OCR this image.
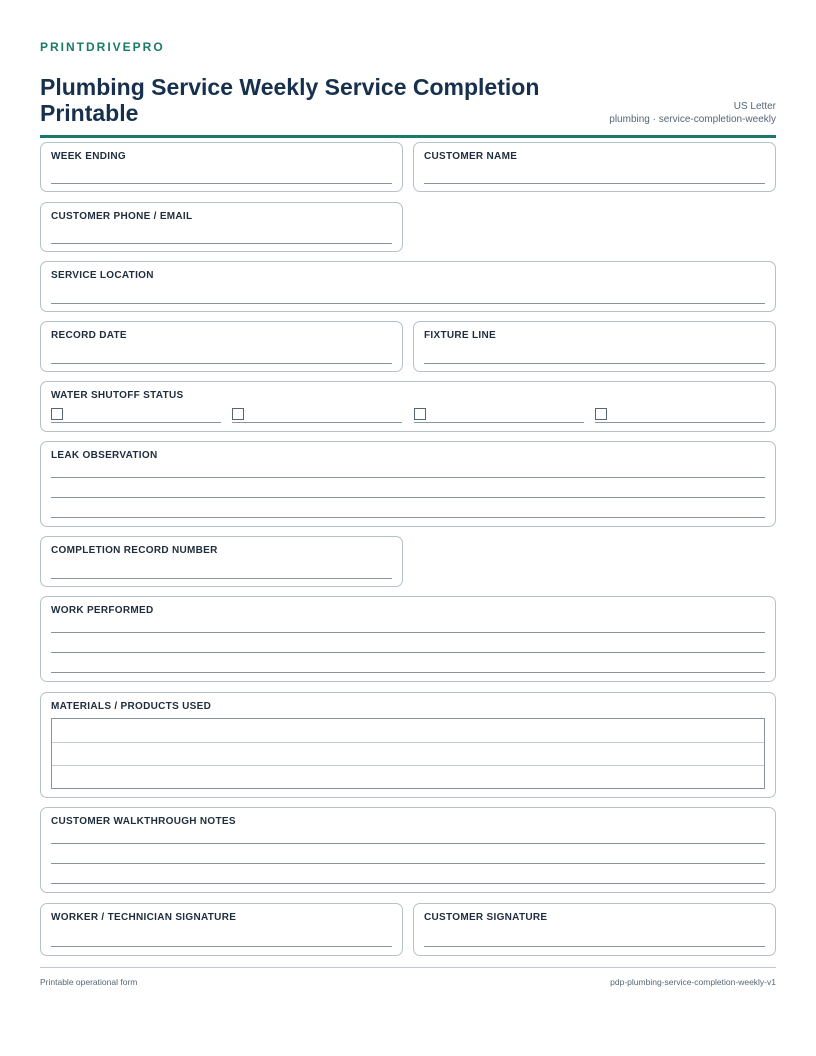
PRINTDRIVEPRO
Plumbing Service Weekly Service Completion Printable	US Letter
plumbing · service-completion-weekly
WEEK ENDING	CUSTOMER NAME
CUSTOMER PHONE / EMAIL
SERVICE LOCATION
RECORD DATE	FIXTURE LINE
WATER SHUTOFF STATUS
LEAK OBSERVATION
COMPLETION RECORD NUMBER
WORK PERFORMED
MATERIALS / PRODUCTS USED
CUSTOMER WALKTHROUGH NOTES
WORKER / TECHNICIAN SIGNATURE	CUSTOMER SIGNATURE
Printable operational form	pdp-plumbing-service-completion-weekly-v1
